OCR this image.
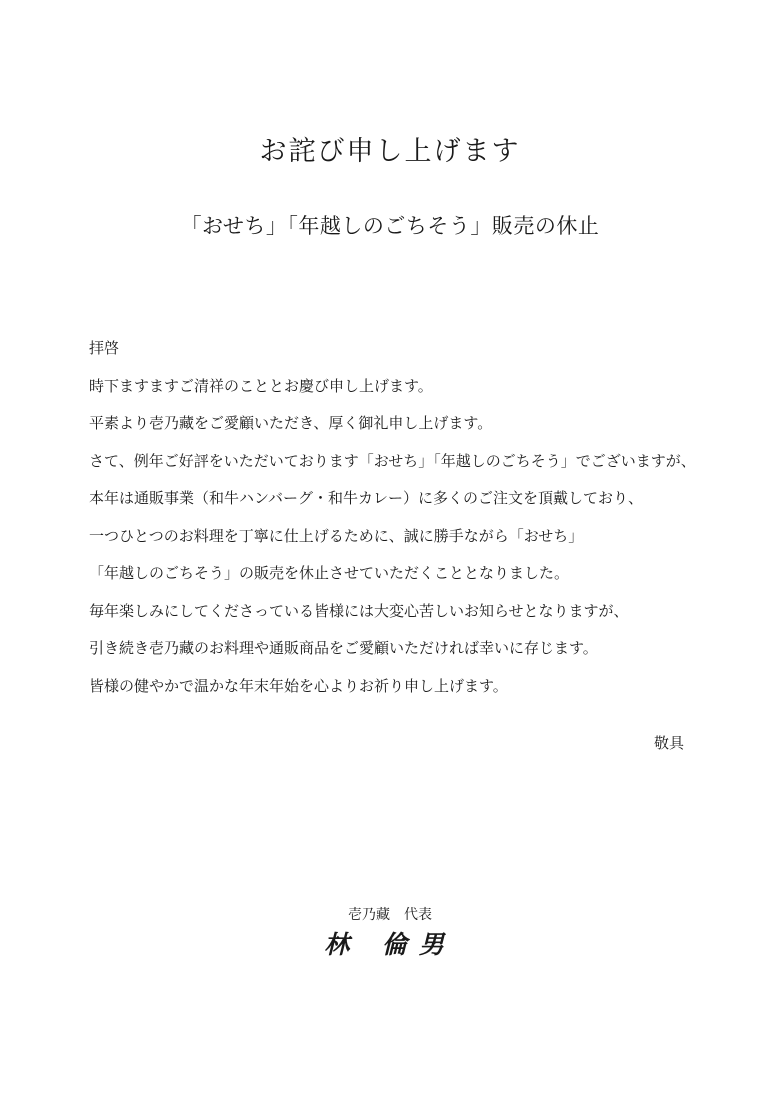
お詫び申し上げます
「おせち」「年越しのごちそう」販売の休止

拝啓

時下ますますご清祥のこととお慶び申し上げます。

平素より壱乃藏をご愛顧いただき、厚く御礼申し上げます。

さて、例年ご好評をいただいております「おせち」「年越しのごちそう」でございますが、

本年は通販事業（和牛ハンバーグ・和牛カレー）に多くのご注文を頂戴しており、

一つひとつのお料理を丁寧に仕上げるために、誠に勝手ながら「おせち」

「年越しのごちそう」の販売を休止させていただくこととなりました。

毎年楽しみにしてくださっている皆様には大変心苦しいお知らせとなりますが、

引き続き壱乃藏のお料理や通販商品をご愛顧いただければ幸いに存じます。

皆様の健やかで温かな年末年始を心よりお祈り申し上げます。

敬具

壱乃藏　代表

林 倫男
